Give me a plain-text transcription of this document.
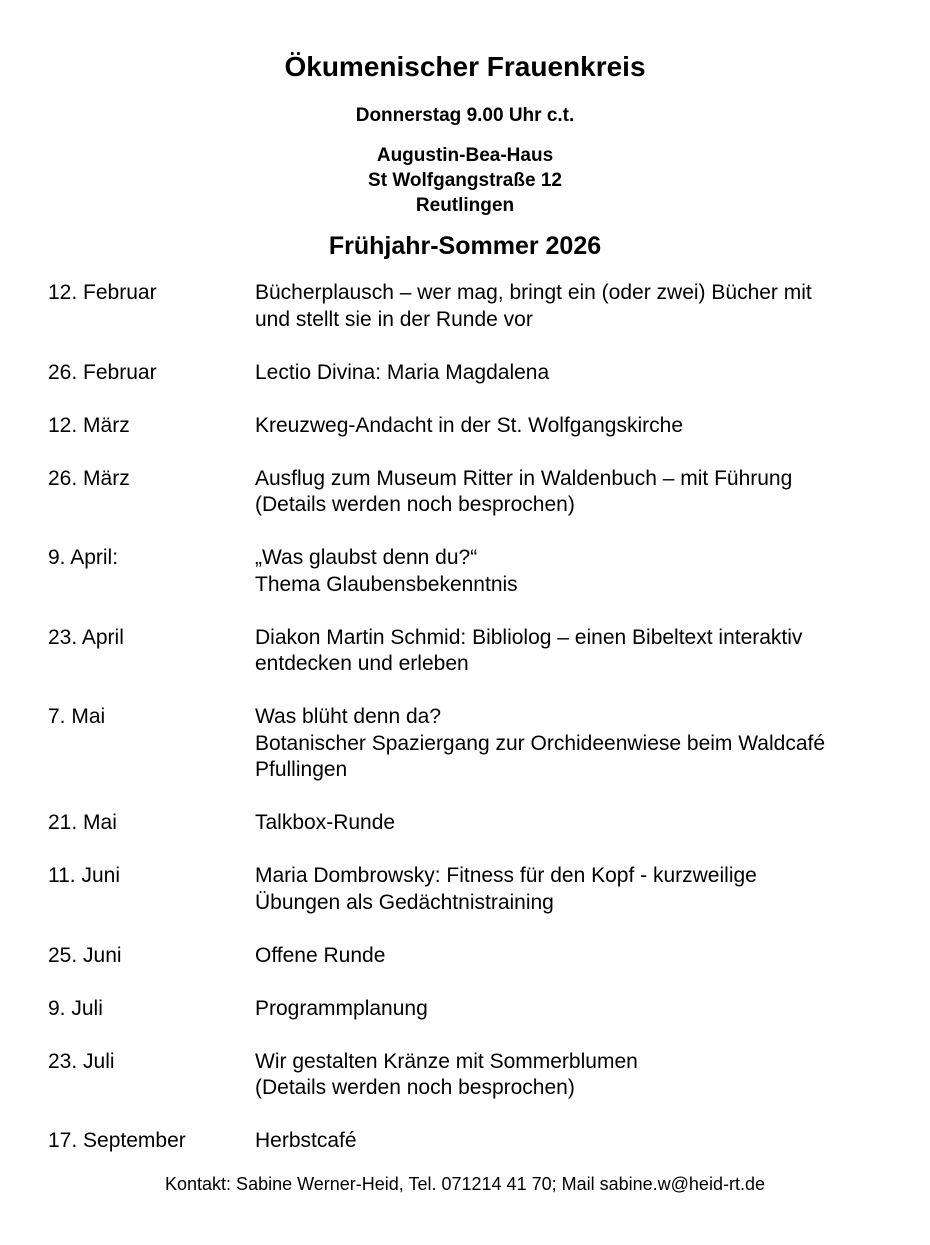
Ökumenischer Frauenkreis
Donnerstag 9.00 Uhr c.t.
Augustin-Bea-Haus
St Wolfgangstraße 12
Reutlingen
Frühjahr-Sommer 2026
12. Februar	Bücherplausch – wer mag, bringt ein (oder zwei) Bücher mit
und stellt sie in der Runde vor
26. Februar	Lectio Divina: Maria Magdalena
12. März	Kreuzweg-Andacht in der St. Wolfgangskirche
26. März	Ausflug zum Museum Ritter in Waldenbuch – mit Führung
(Details werden noch besprochen)
9. April:	„Was glaubst denn du?“
Thema Glaubensbekenntnis
23. April	Diakon Martin Schmid: Bibliolog – einen Bibeltext interaktiv
entdecken und erleben
7. Mai	Was blüht denn da?
Botanischer Spaziergang zur Orchideenwiese beim Waldcafé
Pfullingen
21. Mai	Talkbox-Runde
11. Juni	Maria Dombrowsky: Fitness für den Kopf - kurzweilige
Übungen als Gedächtnistraining
25. Juni	Offene Runde
9. Juli	Programmplanung
23. Juli	Wir gestalten Kränze mit Sommerblumen
(Details werden noch besprochen)
17. September	Herbstcafé
Kontakt: Sabine Werner-Heid, Tel. 071214 41 70; Mail sabine.w@heid-rt.de
